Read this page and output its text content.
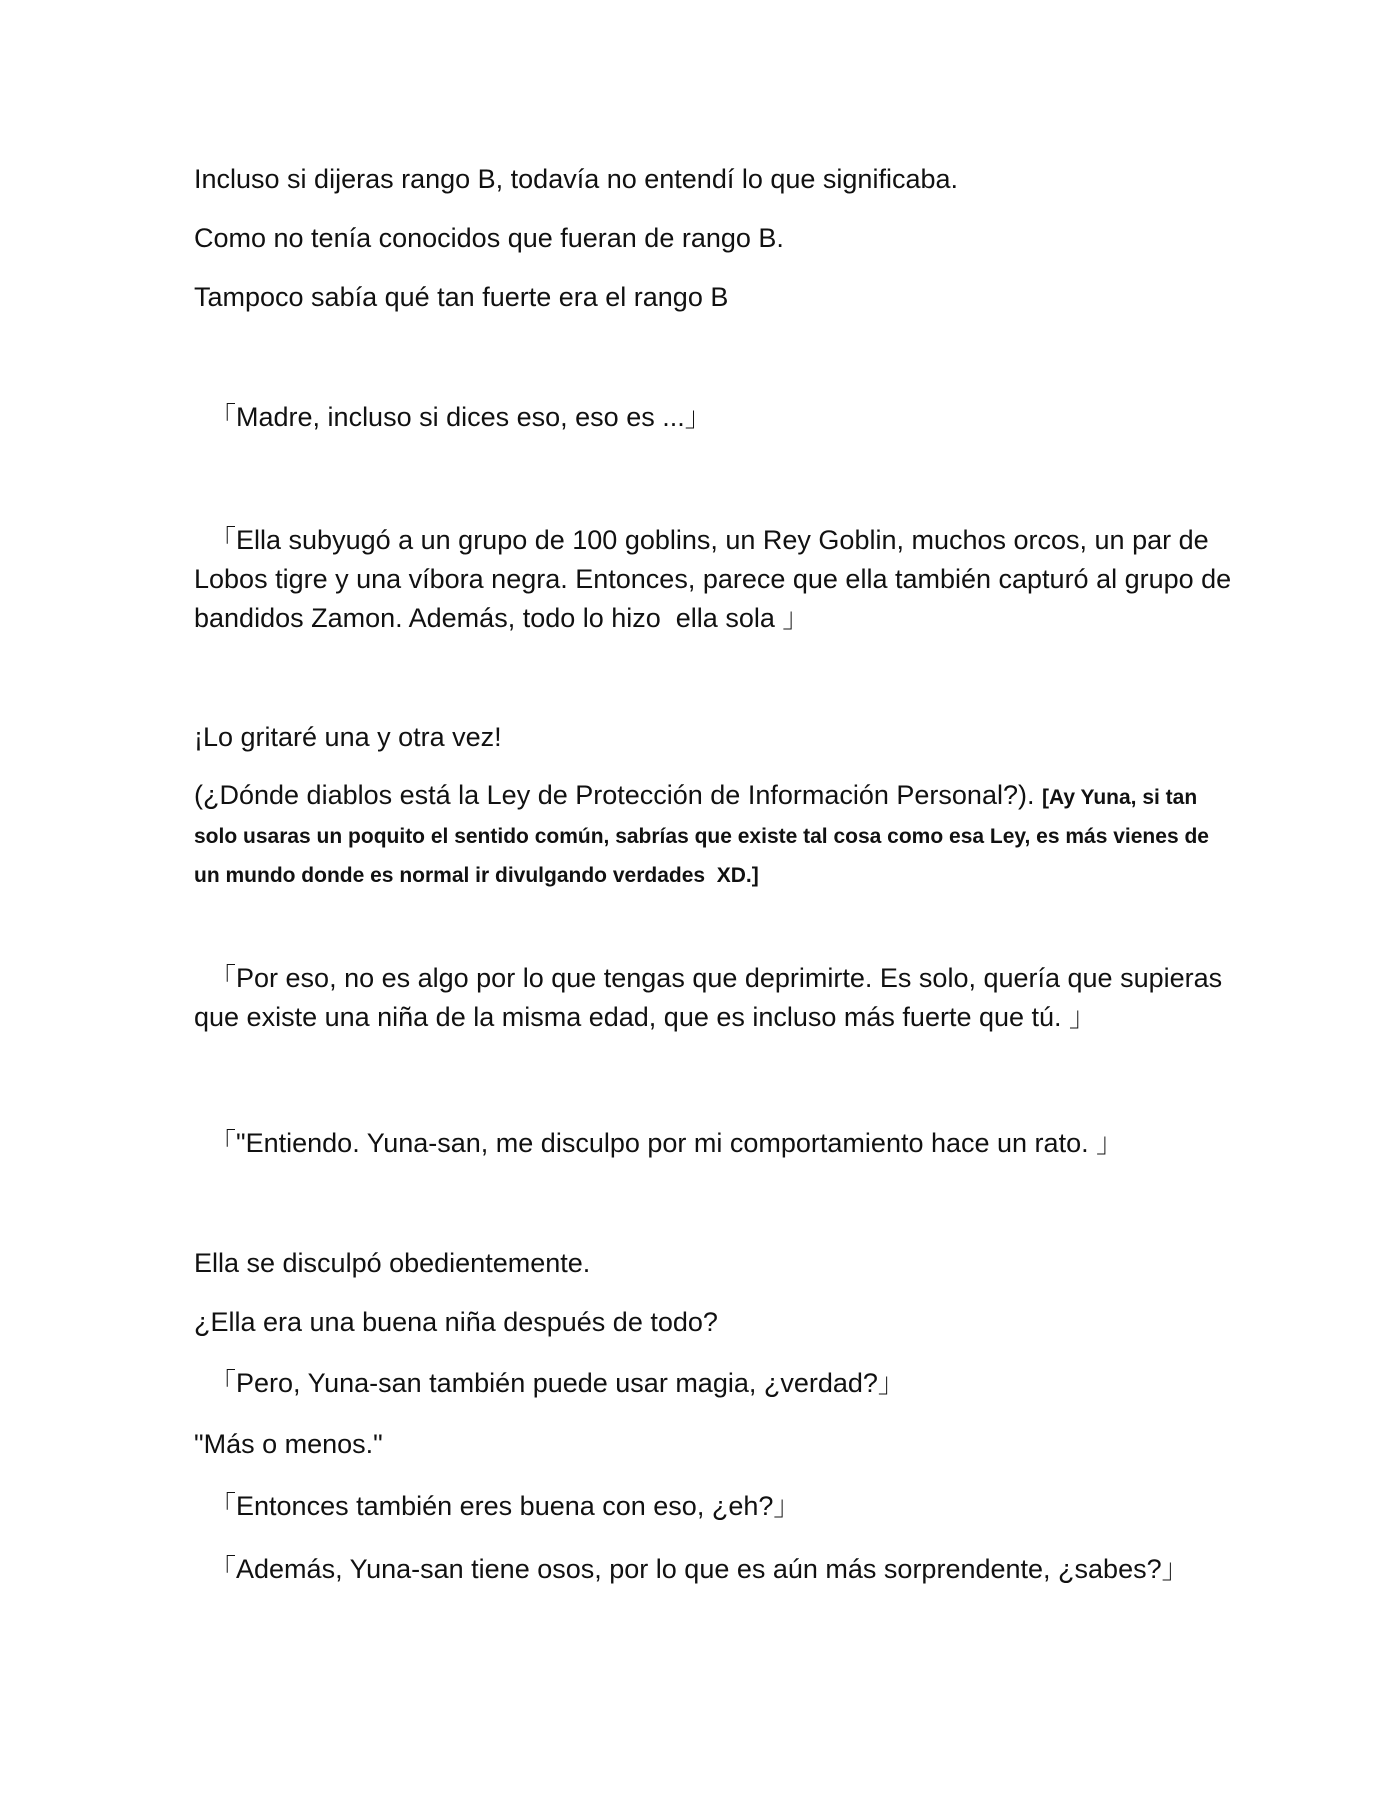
Incluso si dijeras rango B, todavía no entendí lo que significaba.

Como no tenía conocidos que fueran de rango B.

Tampoco sabía qué tan fuerte era el rango B

「Madre, incluso si dices eso, eso es ...」

「Ella subyugó a un grupo de 100 goblins, un Rey Goblin, muchos orcos, un par de Lobos tigre y una víbora negra. Entonces, parece que ella también capturó al grupo de bandidos Zamon. Además, todo lo hizo  ella sola 」

¡Lo gritaré una y otra vez!

(¿Dónde diablos está la Ley de Protección de Información Personal?). [Ay Yuna, si tan solo usaras un poquito el sentido común, sabrías que existe tal cosa como esa Ley, es más vienes de un mundo donde es normal ir divulgando verdades  XD.]

「Por eso, no es algo por lo que tengas que deprimirte. Es solo, quería que supieras que existe una niña de la misma edad, que es incluso más fuerte que tú. 」

「"Entiendo. Yuna-san, me disculpo por mi comportamiento hace un rato. 」

Ella se disculpó obedientemente.

¿Ella era una buena niña después de todo?

「Pero, Yuna-san también puede usar magia, ¿verdad?」

"Más o menos."

「Entonces también eres buena con eso, ¿eh?」

「Además, Yuna-san tiene osos, por lo que es aún más sorprendente, ¿sabes?」
